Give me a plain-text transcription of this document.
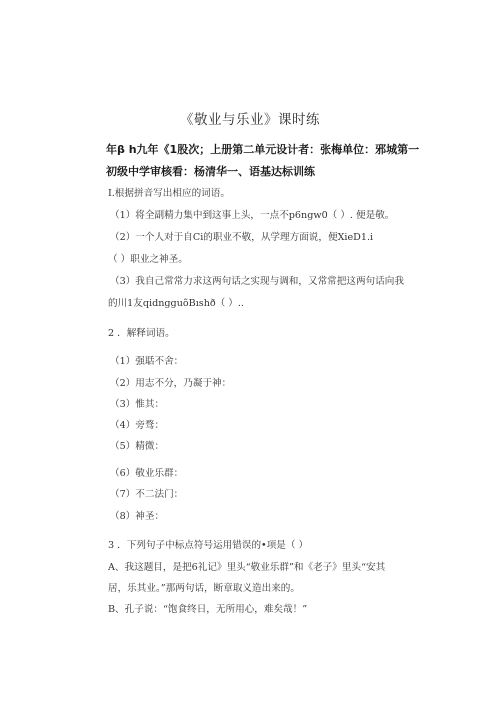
《敬业与乐业》课时练
年β h九年《1股次；上册第二单元设计者：张梅单位：邪城第一
初级中学审核看：杨清华一、语基达标训练
I.根据拼音写出相应的词语。
（1）将全副精力集中到这事上头，一点不p6ngw0（ ）. 便是敬。
（2）一个人对于自Ci的职业不敬，从学理方面说，便XieD1.i
（ ）职业之神圣。
（3）我自己常常力求这两句话之实现与调和，又常常把这两句话向我
的川1友qidngguõBıshð（ ）..
2 ．解释词语。
（1）强聒不舍：
（2）用志不分，乃凝于神：
（3）惟其：
（4）旁骛：
（5）精微：
（6）敬业乐群：
（7）不二法门：
（8）神圣：
3 ．下列句子中标点符号运用错误的•项是（ ）
A、我这题目，是把6礼记》里头“敬业乐群”和《老子》里头“安其
居，乐其业。”那两句话，断章取义造出来的。
B、孔子说：“饱食终日，无所用心，难矣哉！”
